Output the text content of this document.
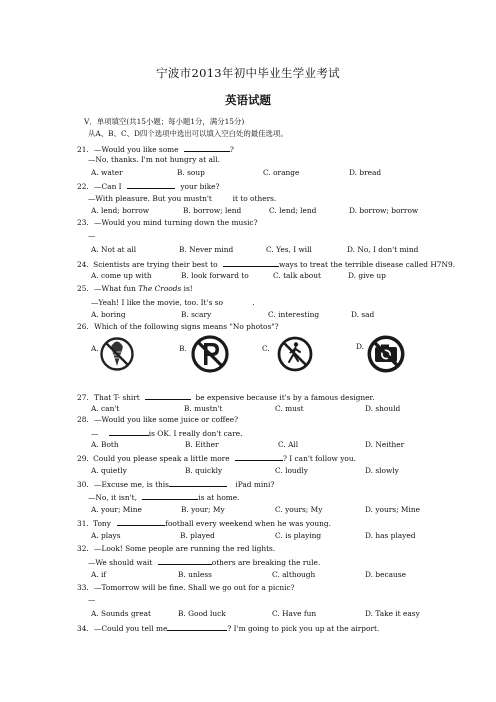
宁波市2013年初中毕业生学业考试
英语试题
V．单项填空(共15小题；每小题1分，满分15分)
从A、B、C、D四个选项中选出可以填入空白处的最佳选项。
21. —Would you like some	?
—No, thanks. I'm not hungry at all.
A. water	B. soup	C. orange	D. bread
22. —Can I	your bike?
—With pleasure. But you mustn't	it to others.
A. lend; borrow	B. borrow; lend	C. lend; lend	D. borrow; borrow
23. —Would you mind turning down the music?
—
A. Not at all	B. Never mind	C. Yes, I will	D. No, I don't mind
24. Scientists are trying their best to	ways to treat the terrible disease called H7N9.
A. come up with	B. look forward to	C. talk about	D. give up
25. —What fun The Croods is!
—Yeah! I like the movie, too. It's so	.
A. boring	B. scary	C. interesting	D. sad
26. Which of the following signs means "No photos"?
A.	B.	C.	D.
27. That T- shirt	be expensive because it's by a famous designer.
A. can't	B. mustn't	C. must	D. should
28. —Would you like some juice or coffee?
—	is OK. I really don't care.
A. Both	B. Either	C. All	D. Neither
29. Could you please speak a little more	? I can't follow you.
A. quietly	B. quickly	C. loudly	D. slowly
30. —Excuse me, is this	iPad mini?
—No, it isn't,	is at home.
A. your; Mine	B. your; My	C. yours; My	D. yours; Mine
31. Tony	football every weekend when he was young.
A. plays	B. played	C. is playing	D. has played
32. —Look! Some people are running the red lights.
—We should wait	others are breaking the rule.
A. if	B. unless	C. although	D. because
33. —Tomorrow will be fine. Shall we go out for a picnic?
—
A. Sounds great	B. Good luck	C. Have fun	D. Take it easy
34. —Could you tell me	? I'm going to pick you up at the airport.
